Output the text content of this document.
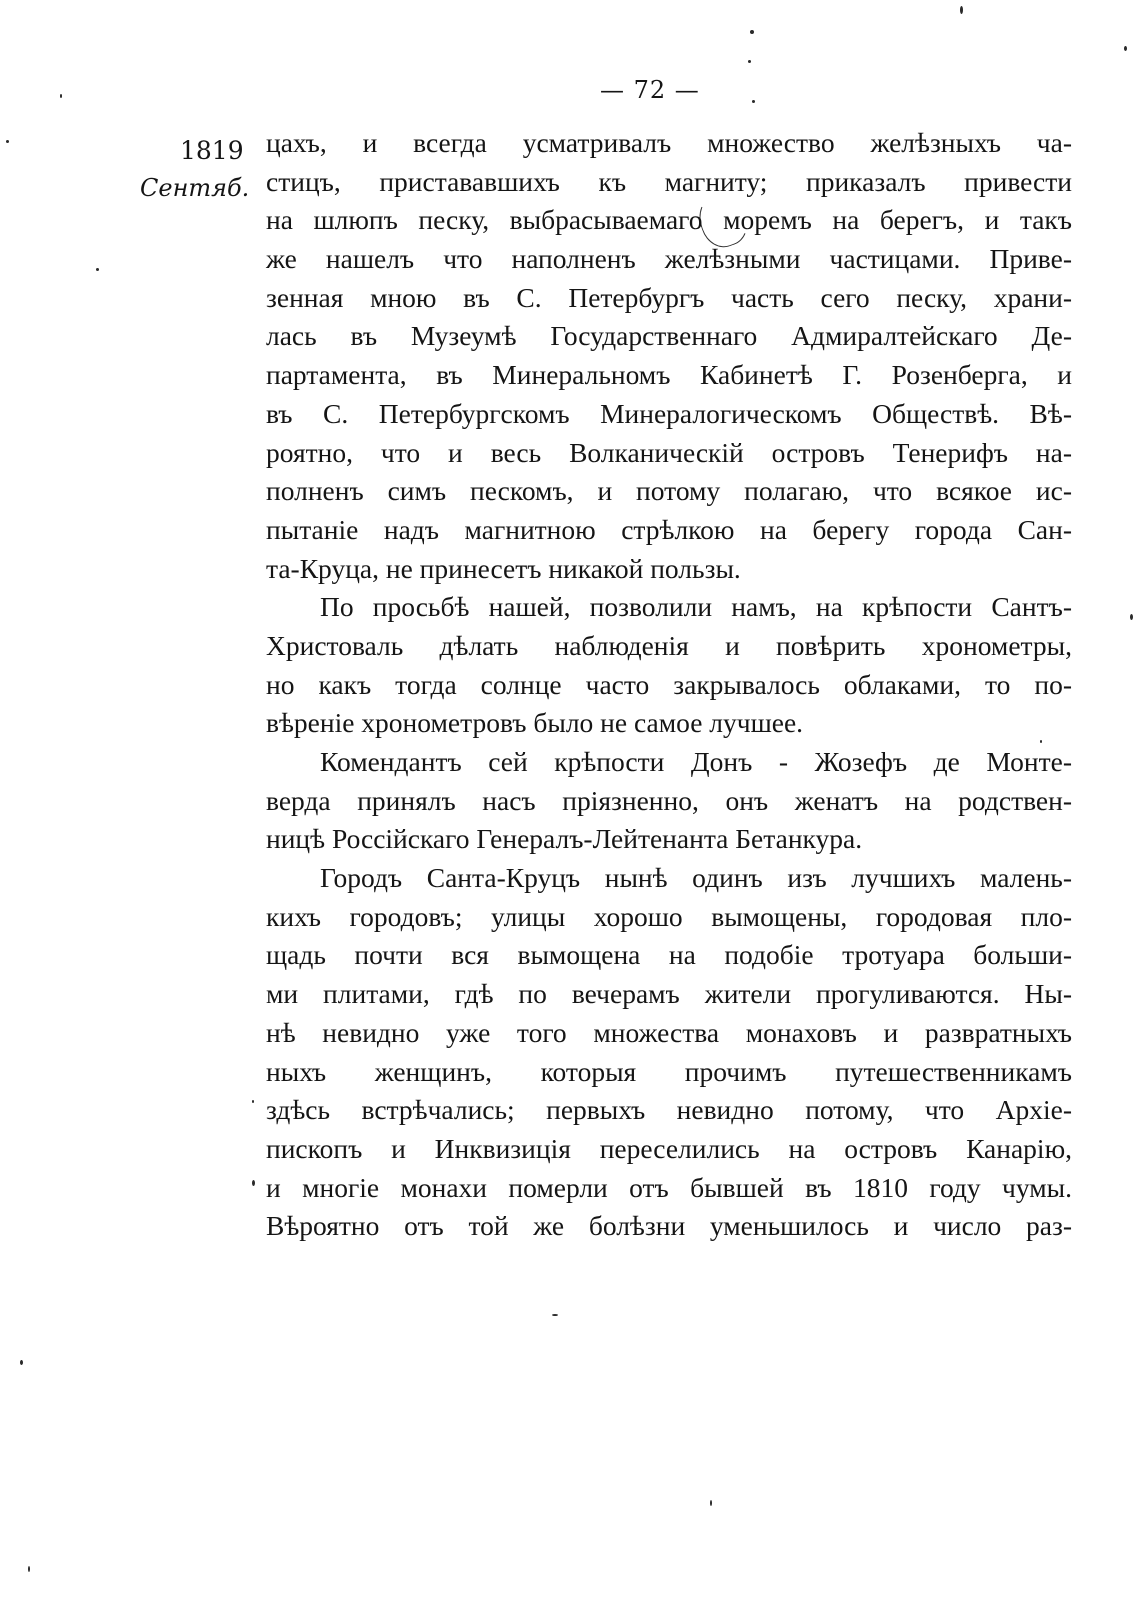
— 72 —
1819
Сентяб.
цахъ, и всегда усматривалъ множество желѣзныхъ ча-
стицъ, пристававшихъ къ магниту; приказалъ привести
на шлюпъ песку, выбрасываемаго моремъ на берегъ, и такъ
же нашелъ что наполненъ желѣзными частицами. Приве-
зенная мною въ С. Петербургъ часть сего песку, храни-
лась въ Музеумѣ Государственнаго Адмиралтейскаго Де-
партамента, въ Минеральномъ Кабинетѣ Г. Розенберга, и
въ С. Петербургскомъ Минералогическомъ Обществѣ. Вѣ-
роятно, что и весь Волканическій островъ Тенерифъ на-
полненъ симъ пескомъ, и потому полагаю, что всякое ис-
пытаніе надъ магнитною стрѣлкою на берегу города Сан-
та-Круца, не принесетъ никакой пользы.
По просьбѣ нашей, позволили намъ, на крѣпости Сантъ-
Христоваль дѣлать наблюденія и повѣрить хронометры,
но какъ тогда солнце часто закрывалось облаками, то по-
вѣреніе хронометровъ было не самое лучшее.
Комендантъ сей крѣпости Донъ - Жозефъ де Монте-
верда принялъ насъ пріязненно, онъ женатъ на родствен-
ницѣ Россійскаго Генералъ-Лейтенанта Бетанкура.
Городъ Санта-Круцъ нынѣ одинъ изъ лучшихъ малень-
кихъ городовъ; улицы хорошо вымощены, городовая пло-
щадь почти вся вымощена на подобіе тротуара больши-
ми плитами, гдѣ по вечерамъ жители прогуливаются. Ны-
нѣ невидно уже того множества монаховъ и развратныхъ
ныхъ женщинъ, которыя прочимъ путешественникамъ
здѣсь встрѣчались; первыхъ невидно потому, что Архіе-
пископъ и Инквизиція переселились на островъ Канарію,
и многіе монахи померли отъ бывшей въ 1810 году чумы.
Вѣроятно отъ той же болѣзни уменьшилось и число раз-
